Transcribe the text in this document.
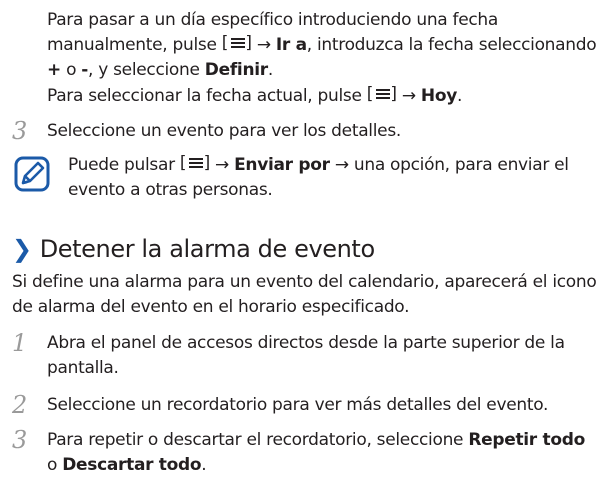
Para pasar a un día específico introduciendo una fecha manualmente, pulse [
] → Ir a, introduzca la fecha seleccionando + o -, y seleccione Definir.
Para seleccionar la fecha actual, pulse [
] → Hoy.
3 Seleccione un evento para ver los detalles.
Puede pulsar [
] → Enviar por → una opción, para enviar el evento a otras personas.
❯ Detener la alarma de evento
Si define una alarma para un evento del calendario, aparecerá el icono de alarma del evento en el horario especificado.
1 Abra el panel de accesos directos desde la parte superior de la pantalla.
2 Seleccione un recordatorio para ver más detalles del evento.
3 Para repetir o descartar el recordatorio, seleccione Repetir todo o Descartar todo.
